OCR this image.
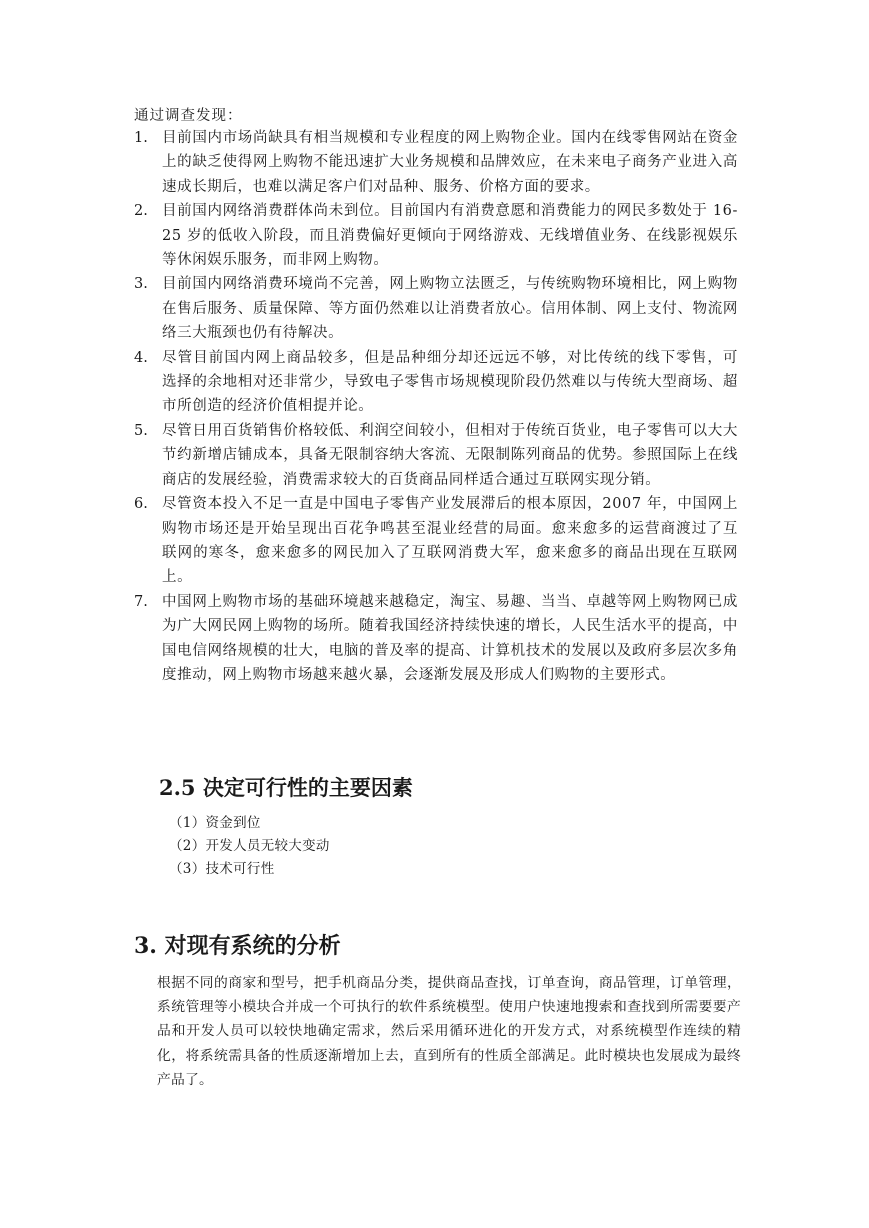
通过调查发现：
1. 目前国内市场尚缺具有相当规模和专业程度的网上购物企业。国内在线零售网站在资金上的缺乏使得网上购物不能迅速扩大业务规模和品牌效应，在未来电子商务产业进入高速成长期后，也难以满足客户们对品种、服务、价格方面的要求。
2. 目前国内网络消费群体尚未到位。目前国内有消费意愿和消费能力的网民多数处于 16-25 岁的低收入阶段，而且消费偏好更倾向于网络游戏、无线增值业务、在线影视娱乐等休闲娱乐服务，而非网上购物。
3. 目前国内网络消费环境尚不完善，网上购物立法匮乏，与传统购物环境相比，网上购物在售后服务、质量保障、等方面仍然难以让消费者放心。信用体制、网上支付、物流网络三大瓶颈也仍有待解决。
4. 尽管目前国内网上商品较多，但是品种细分却还远远不够，对比传统的线下零售，可　选择的余地相对还非常少，导致电子零售市场规模现阶段仍然难以与传统大型商场、超市所创造的经济价值相提并论。
5. 尽管日用百货销售价格较低、利润空间较小，但相对于传统百货业，电子零售可以大大节约新增店铺成本，具备无限制容纳大客流、无限制陈列商品的优势。参照国际上在线商店的发展经验，消费需求较大的百货商品同样适合通过互联网实现分销。
6. 尽管资本投入不足一直是中国电子零售产业发展滞后的根本原因，2007 年，中国网上购物市场还是开始呈现出百花争鸣甚至混业经营的局面。愈来愈多的运营商渡过了互　联网的寒冬，愈来愈多的网民加入了互联网消费大军，愈来愈多的商品出现在互联网上。
7. 中国网上购物市场的基础环境越来越稳定，淘宝、易趣、当当、卓越等网上购物网已成为广大网民网上购物的场所。随着我国经济持续快速的增长，人民生活水平的提高，中国电信网络规模的壮大，电脑的普及率的提高、计算机技术的发展以及政府多层次多角度推动，网上购物市场越来越火暴，会逐渐发展及形成人们购物的主要形式。
2.5 决定可行性的主要因素
（1）资金到位
（2）开发人员无较大变动
（3）技术可行性
3. 对现有系统的分析

根据不同的商家和型号，把手机商品分类，提供商品查找，订单查询，商品管理，订单管理，系统管理等小模块合并成一个可执行的软件系统模型。使用户快速地搜索和查找到所需要要产品和开发人员可以较快地确定需求，然后采用循环进化的开发方式，对系统模型作连续的精化，将系统需具备的性质逐渐增加上去，直到所有的性质全部满足。此时模块也发展成为最终产品了。
